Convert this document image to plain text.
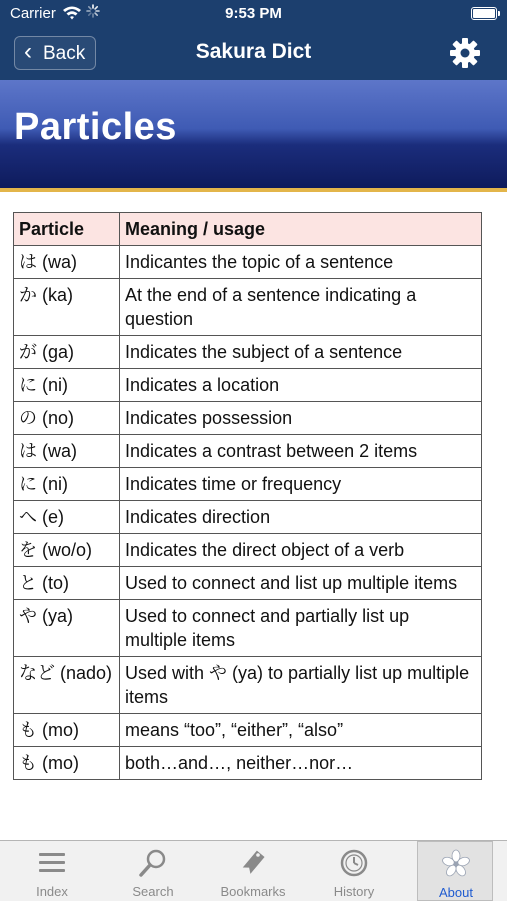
Carrier	9:53 PM
‹ Back	Sakura Dict
Particles
Particle	Meaning / usage
は (wa)	Indicantes the topic of a sentence
か (ka)	At the end of a sentence indicating a question
が (ga)	Indicates the subject of a sentence
に (ni)	Indicates a location
の (no)	Indicates possession
は (wa)	Indicates a contrast between 2 items
に (ni)	Indicates time or frequency
へ (e)	Indicates direction
を (wo/o)	Indicates the direct object of a verb
と (to)	Used to connect and list up multiple items
や (ya)	Used to connect and partially list up multiple items
など (nado)	Used with や (ya) to partially list up multiple items
も (mo)	means “too”, “either”, “also”
も (mo)	both…and…, neither…nor…
Index	Search	Bookmarks	History	About
